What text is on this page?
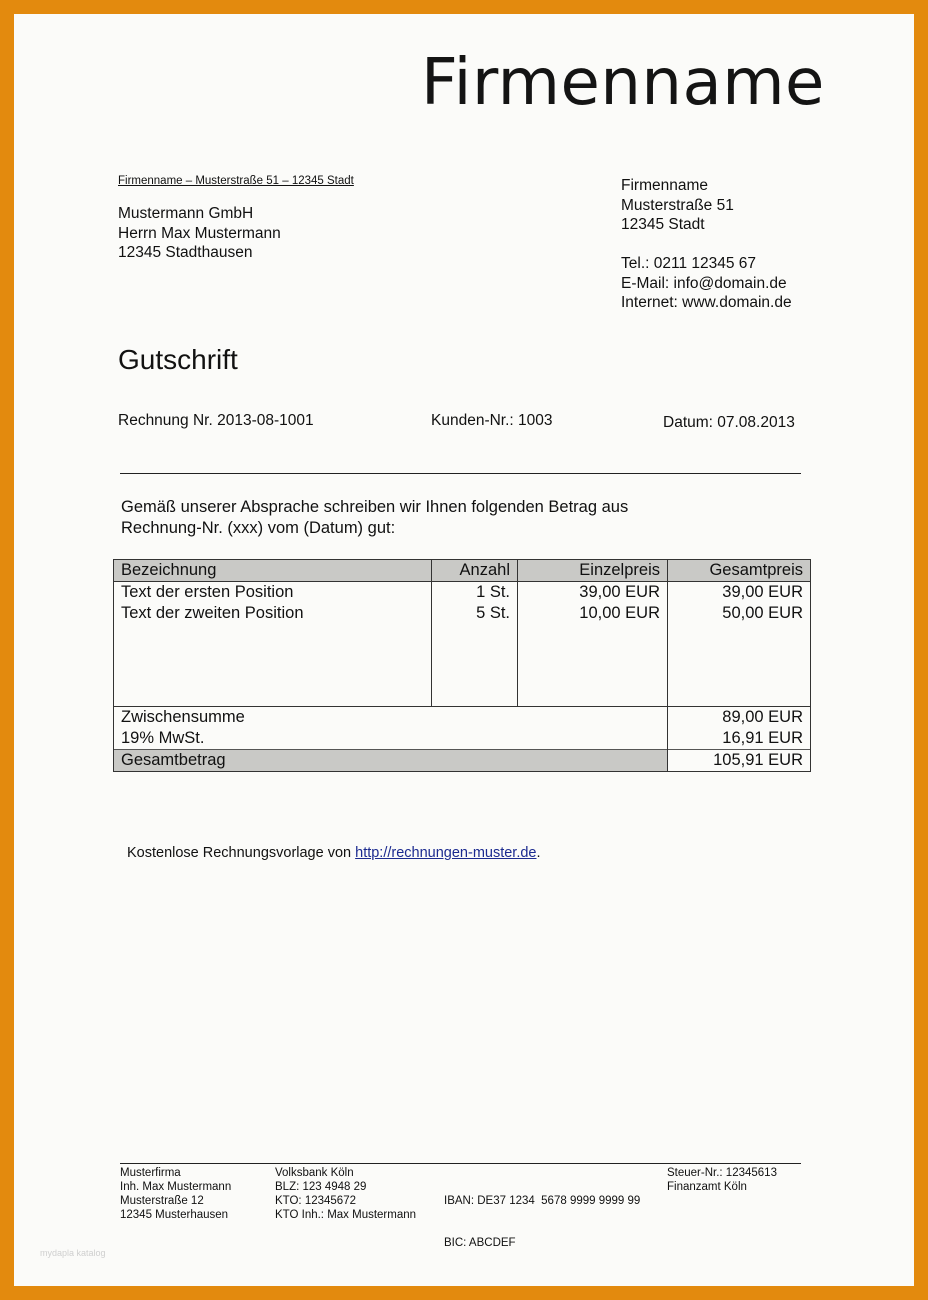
Firmenname
Firmenname – Musterstraße 51 – 12345 Stadt
Mustermann GmbH
Herrn Max Mustermann
12345 Stadthausen
Firmenname
Musterstraße 51
12345 Stadt
Tel.: 0211 12345 67
E-Mail: info@domain.de
Internet: www.domain.de
Gutschrift
Rechnung Nr. 2013-08-1001	Kunden-Nr.: 1003	Datum: 07.08.2013
Gemäß unserer Absprache schreiben wir Ihnen folgenden Betrag aus
Rechnung-Nr. (xxx) vom (Datum) gut:
Bezeichnung	Anzahl	Einzelpreis	Gesamtpreis
Text der ersten Position	1 St.	39,00 EUR	39,00 EUR
Text der zweiten Position	5 St.	10,00 EUR	50,00 EUR

Zwischensumme			89,00 EUR
19% MwSt.			16,91 EUR
Gesamtbetrag			105,91 EUR
Kostenlose Rechnungsvorlage von http://rechnungen-muster.de.
Musterfirma
Inh. Max Mustermann
Musterstraße 12
12345 Musterhausen
Volksbank Köln
BLZ: 123 4948 29
KTO: 12345672
KTO Inh.: Max Mustermann

IBAN: DE37 1234  5678 9999 9999 99

BIC: ABCDEF

Steuer-Nr.: 12345613
Finanzamt Köln
mydapla katalog
